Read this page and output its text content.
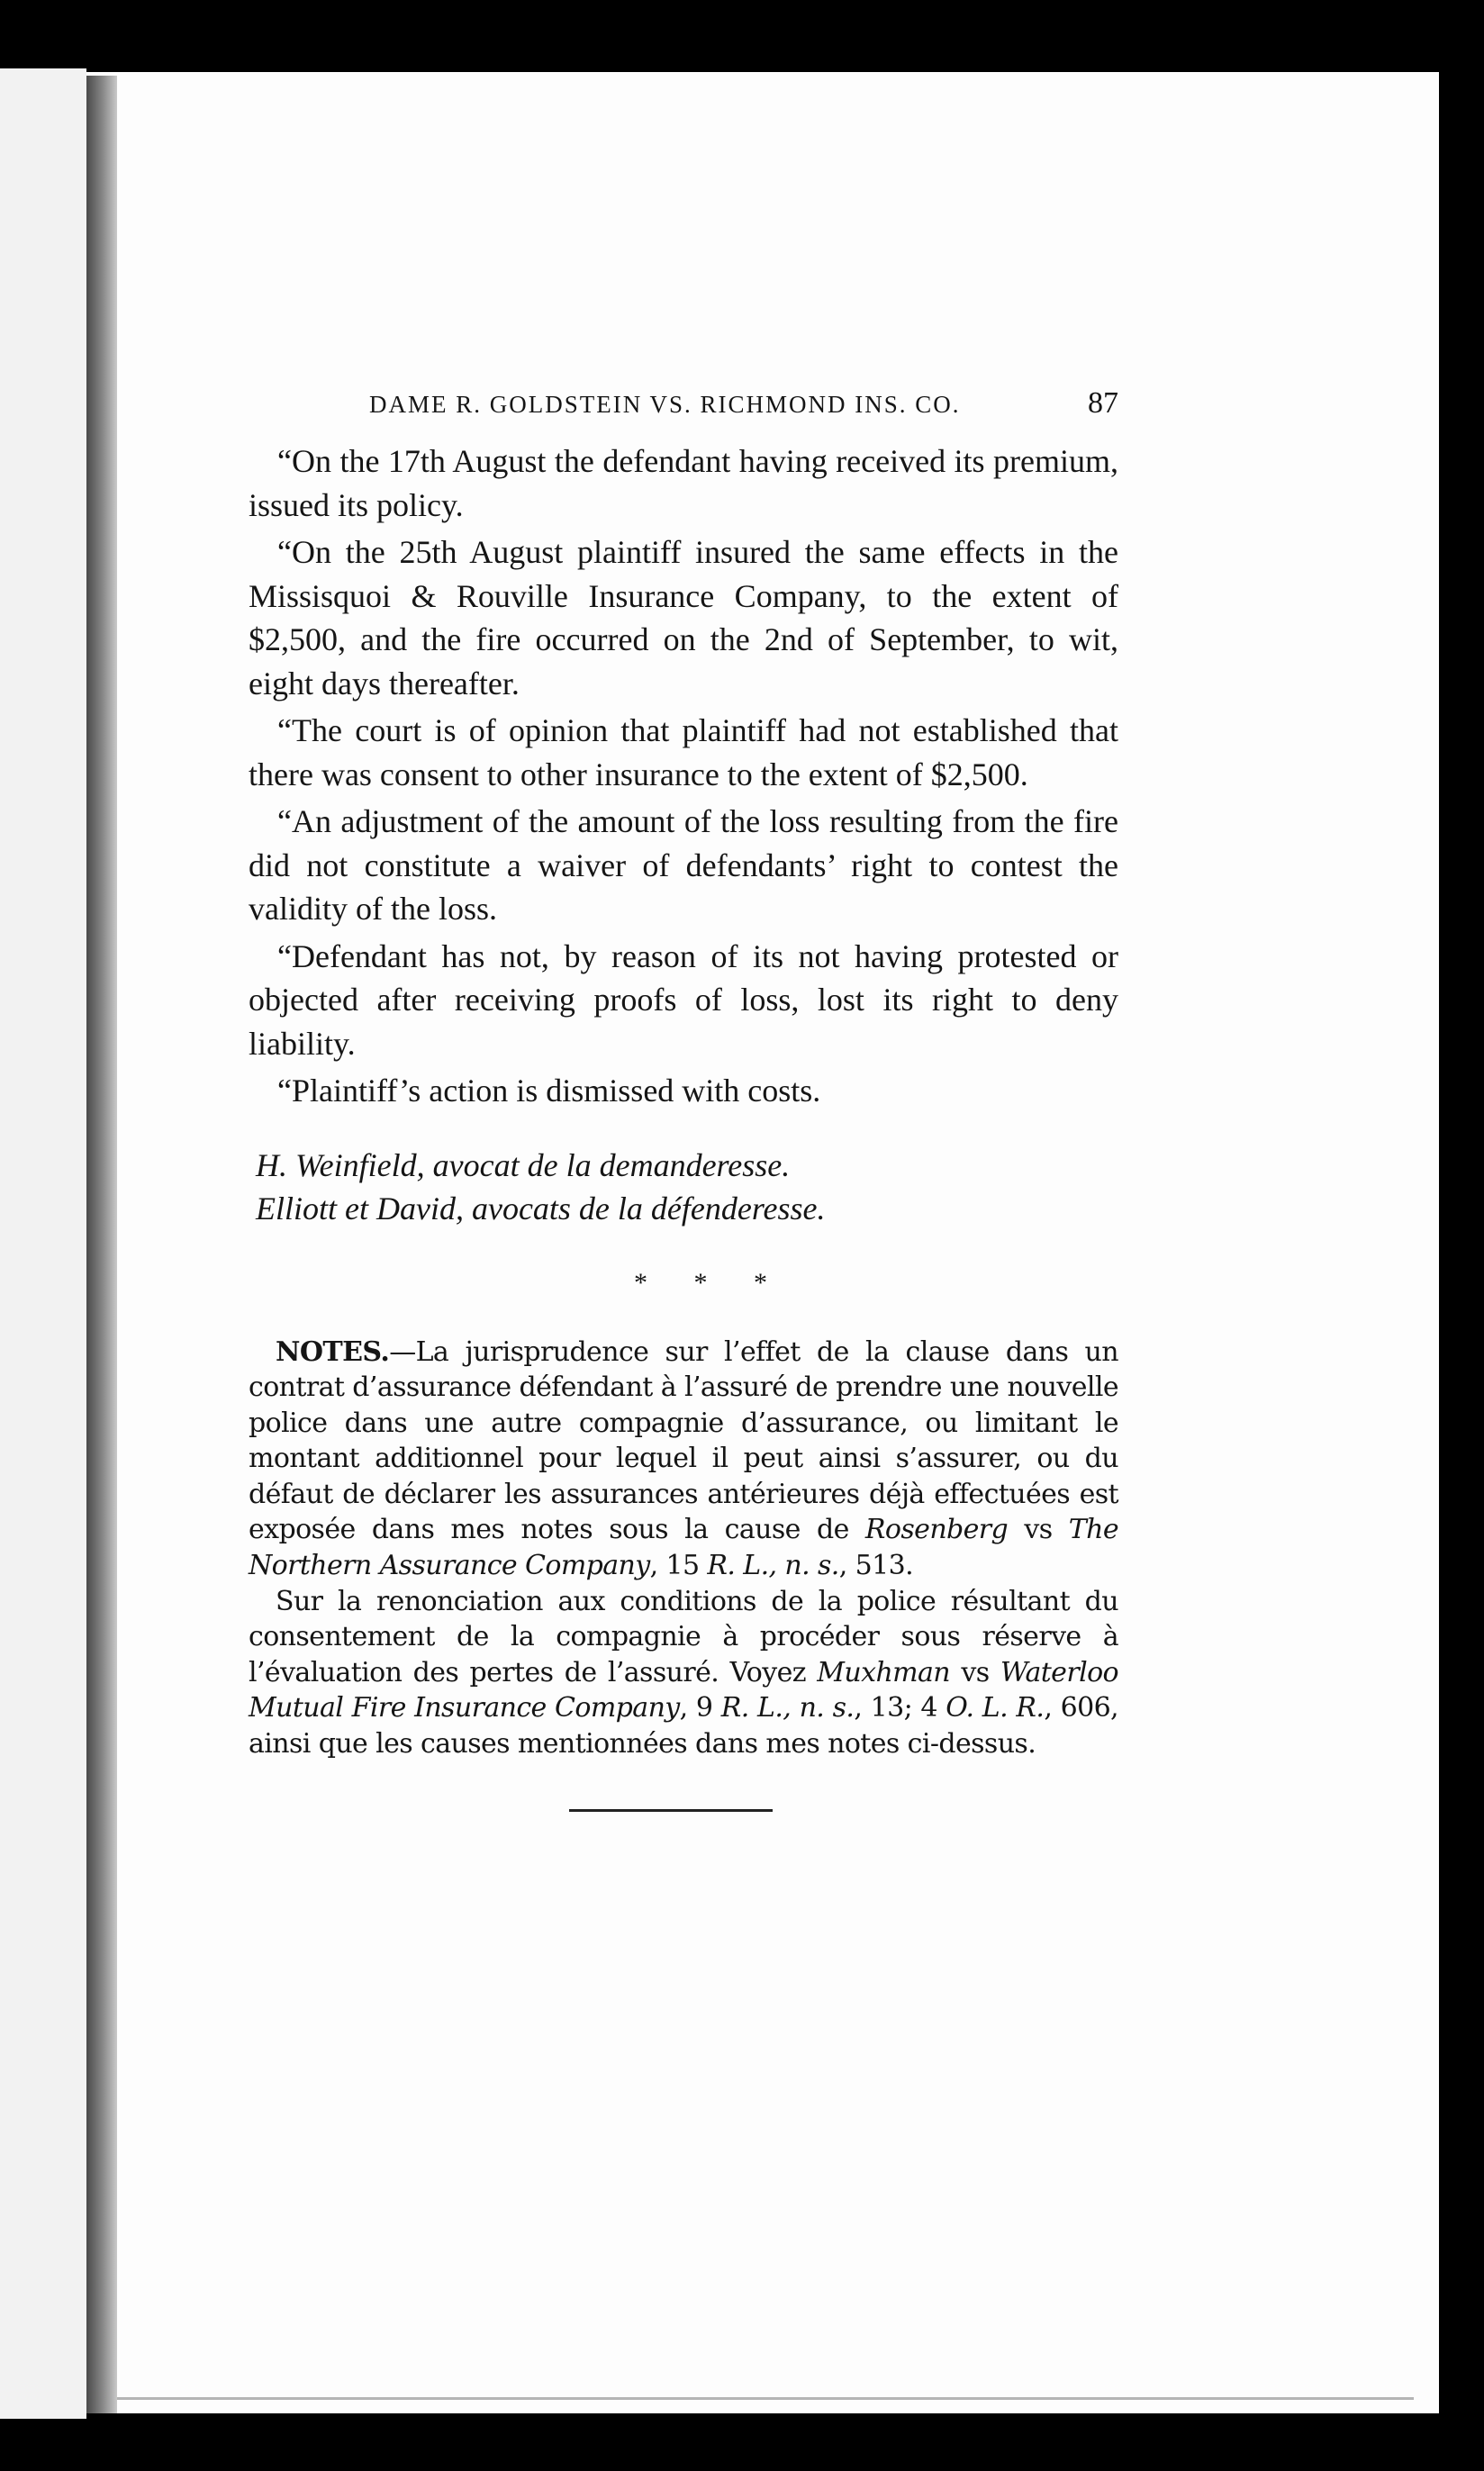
DAME R. GOLDSTEIN VS. RICHMOND INS. CO.	87

“On the 17th August the defendant having received its premium, issued its policy.

“On the 25th August plaintiff insured the same effects in the Missisquoi & Rouville Insurance Company, to the extent of $2,500, and the fire occurred on the 2nd of September, to wit, eight days thereafter.

“The court is of opinion that plaintiff had not established that there was consent to other insurance to the extent of $2,500.

“An adjustment of the amount of the loss resulting from the fire did not constitute a waiver of defendants’ right to contest the validity of the loss.

“Defendant has not, by reason of its not having protested or objected after receiving proofs of loss, lost its right to deny liability.

“Plaintiff’s action is dismissed with costs.

H. Weinfield, avocat de la demanderesse.
Elliott et David, avocats de la défenderesse.
* * *

NOTES.—La jurisprudence sur l’effet de la clause dans un contrat d’assurance défendant à l’assuré de prendre une nouvelle police dans une autre compagnie d’assurance, ou limitant le montant additionnel pour lequel il peut ainsi s’assurer, ou du défaut de déclarer les assurances antérieures déjà effectuées est exposée dans mes notes sous la cause de Rosenberg vs The Northern Assurance Company, 15 R. L., n. s., 513.

Sur la renonciation aux conditions de la police résultant du consentement de la compagnie à procéder sous réserve à l’évaluation des pertes de l’assuré. Voyez Muxhman vs Waterloo Mutual Fire Insurance Company, 9 R. L., n. s., 13; 4 O. L. R., 606, ainsi que les causes mentionnées dans mes notes ci-dessus.
